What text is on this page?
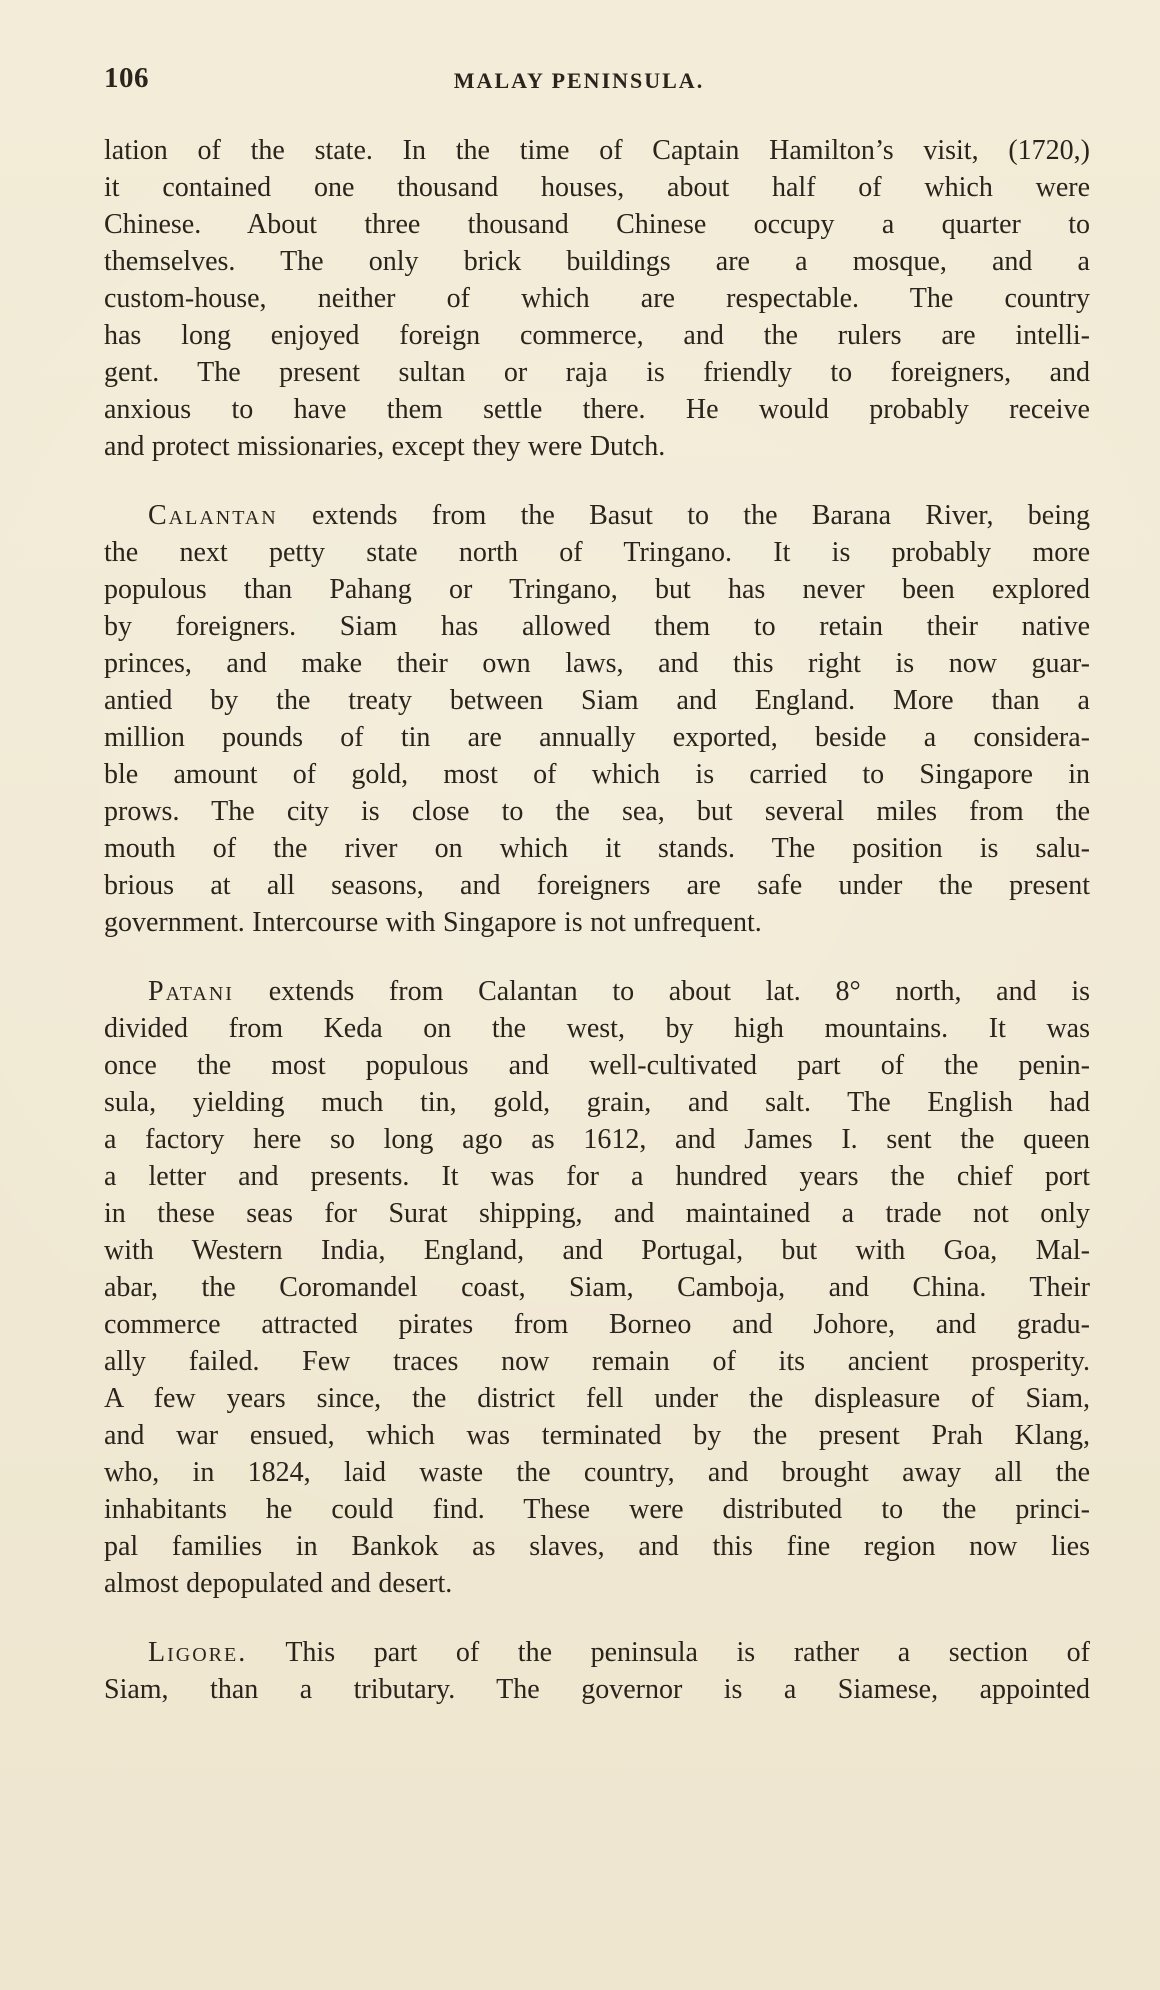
106	MALAY PENINSULA.

lation of the state. In the time of Captain Hamilton’s visit, (1720,)
it contained one thousand houses, about half of which were
Chinese. About three thousand Chinese occupy a quarter to
themselves. The only brick buildings are a mosque, and a
custom-house, neither of which are respectable. The country
has long enjoyed foreign commerce, and the rulers are intelli-
gent. The present sultan or raja is friendly to foreigners, and
anxious to have them settle there. He would probably receive
and protect missionaries, except they were Dutch.

Calantan extends from the Basut to the Barana River, being
the next petty state north of Tringano. It is probably more
populous than Pahang or Tringano, but has never been explored
by foreigners. Siam has allowed them to retain their native
princes, and make their own laws, and this right is now guar-
antied by the treaty between Siam and England. More than a
million pounds of tin are annually exported, beside a considera-
ble amount of gold, most of which is carried to Singapore in
prows. The city is close to the sea, but several miles from the
mouth of the river on which it stands. The position is salu-
brious at all seasons, and foreigners are safe under the present
government. Intercourse with Singapore is not unfrequent.

Patani extends from Calantan to about lat. 8° north, and is
divided from Keda on the west, by high mountains. It was
once the most populous and well-cultivated part of the penin-
sula, yielding much tin, gold, grain, and salt. The English had
a factory here so long ago as 1612, and James I. sent the queen
a letter and presents. It was for a hundred years the chief port
in these seas for Surat shipping, and maintained a trade not only
with Western India, England, and Portugal, but with Goa, Mal-
abar, the Coromandel coast, Siam, Camboja, and China. Their
commerce attracted pirates from Borneo and Johore, and gradu-
ally failed. Few traces now remain of its ancient prosperity.
A few years since, the district fell under the displeasure of Siam,
and war ensued, which was terminated by the present Prah Klang,
who, in 1824, laid waste the country, and brought away all the
inhabitants he could find. These were distributed to the princi-
pal families in Bankok as slaves, and this fine region now lies
almost depopulated and desert.

Ligore. This part of the peninsula is rather a section of
Siam, than a tributary. The governor is a Siamese, appointed
